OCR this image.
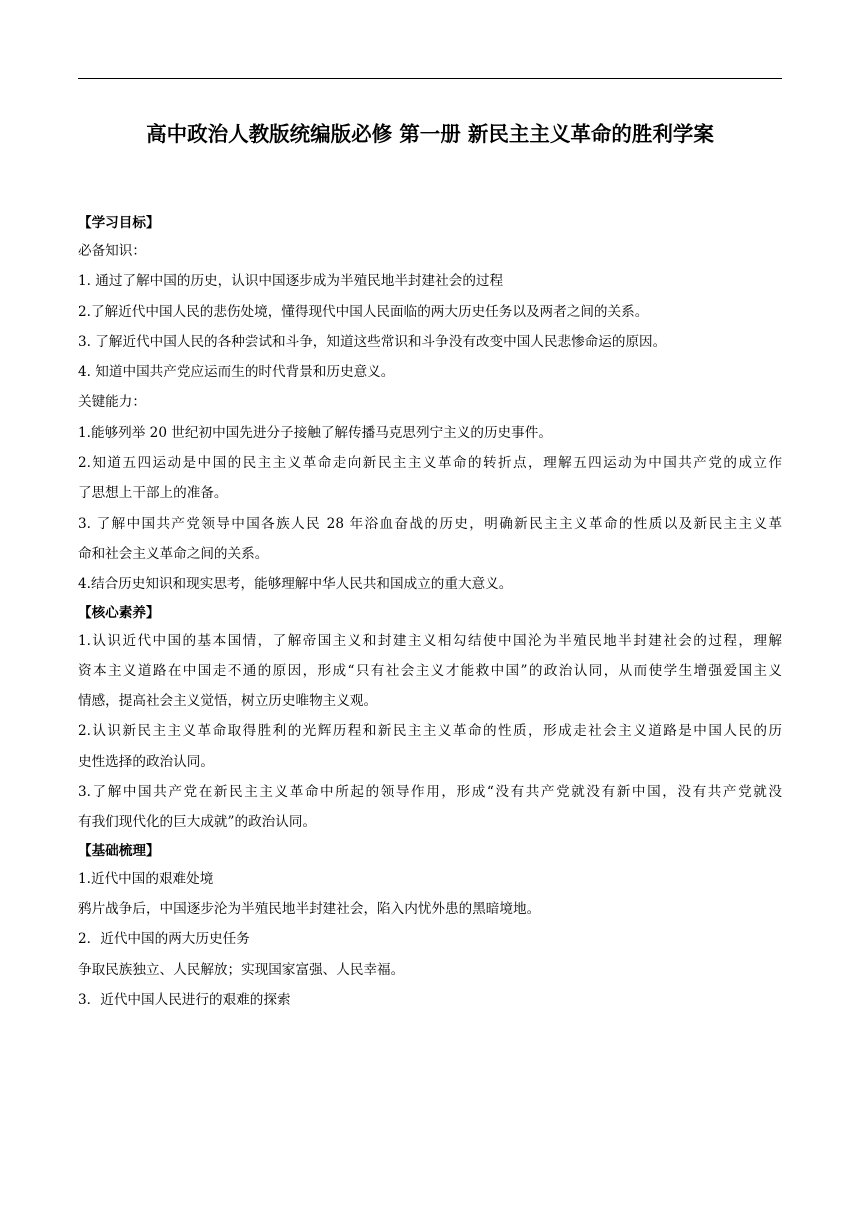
高中政治人教版统编版必修 第一册 新民主主义革命的胜利学案
【学习目标】
必备知识：
1. 通过了解中国的历史，认识中国逐步成为半殖民地半封建社会的过程
2.了解近代中国人民的悲伤处境，懂得现代中国人民面临的两大历史任务以及两者之间的关系。
3. 了解近代中国人民的各种尝试和斗争，知道这些常识和斗争没有改变中国人民悲惨命运的原因。
4. 知道中国共产党应运而生的时代背景和历史意义。
关键能力：
1.能够列举 20 世纪初中国先进分子接触了解传播马克思列宁主义的历史事件。
2.知道五四运动是中国的民主主义革命走向新民主主义革命的转折点，理解五四运动为中国共产党的成立作
了思想上干部上的准备。
3. 了解中国共产党领导中国各族人民 28 年浴血奋战的历史，明确新民主主义革命的性质以及新民主主义革
命和社会主义革命之间的关系。
4.结合历史知识和现实思考，能够理解中华人民共和国成立的重大意义。
【核心素养】
1.认识近代中国的基本国情，了解帝国主义和封建主义相勾结使中国沦为半殖民地半封建社会的过程，理解
资本主义道路在中国走不通的原因，形成“只有社会主义才能救中国”的政治认同，从而使学生增强爱国主义
情感，提高社会主义觉悟，树立历史唯物主义观。
2.认识新民主主义革命取得胜利的光辉历程和新民主主义革命的性质，形成走社会主义道路是中国人民的历
史性选择的政治认同。
3.了解中国共产党在新民主主义革命中所起的领导作用，形成“没有共产党就没有新中国，没有共产党就没
有我们现代化的巨大成就”的政治认同。
【基础梳理】
1.近代中国的艰难处境
鸦片战争后，中国逐步沦为半殖民地半封建社会，陷入内忧外患的黑暗境地。
2．近代中国的两大历史任务
争取民族独立、人民解放；实现国家富强、人民幸福。
3．近代中国人民进行的艰难的探索
